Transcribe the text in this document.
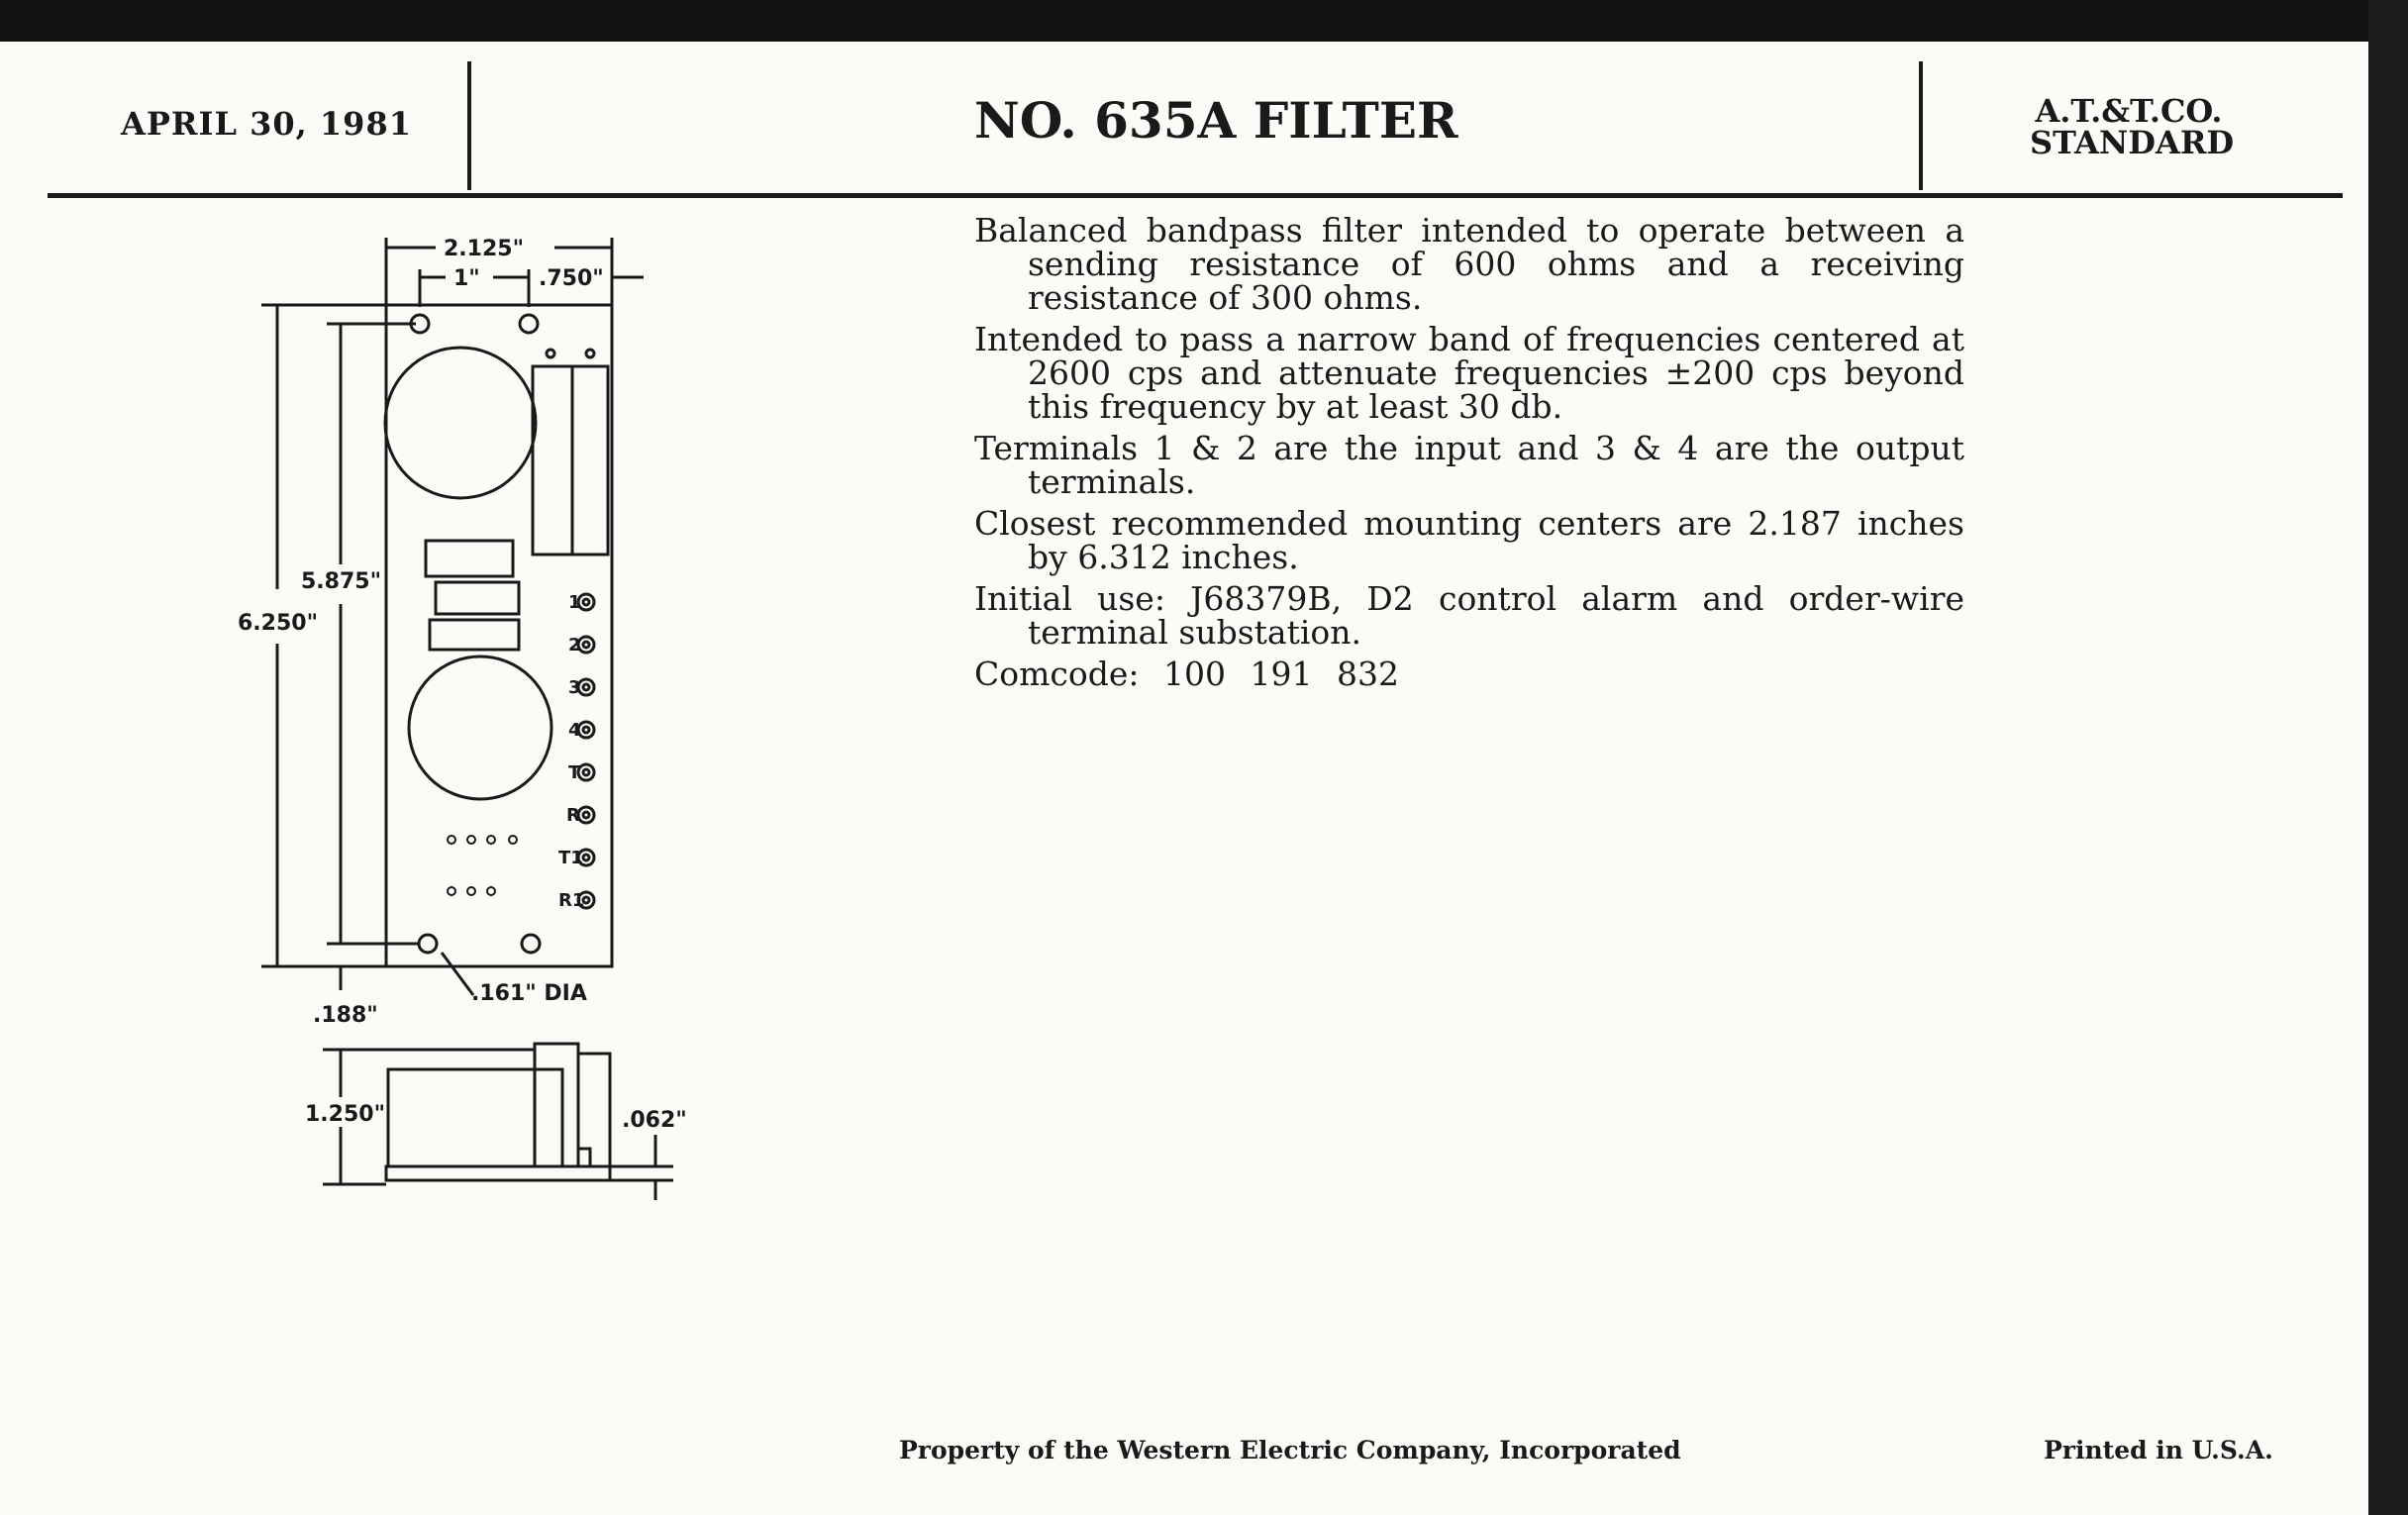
APRIL 30, 1981	NO. 635A FILTER	A.T.&T.CO.
STANDARD

Balanced bandpass filter intended to operate between a sending resistance of 600 ohms and a receiving resistance of 300 ohms.

Intended to pass a narrow band of frequencies centered at 2600 cps and attenuate frequencies ±200 cps beyond this frequency by at least 30 db.

Terminals 1 & 2 are the input and 3 & 4 are the output terminals.

Closest recommended mounting centers are 2.187 inches by 6.312 inches.

Initial use: J68379B, D2 control alarm and order-wire terminal substation.

Comcode: 100 191 832

2.125"
1"	.750"
5.875"
6.250"
.188"
.161" DIA
1.250"	.062"
1
2
3
4
T
R
T1
R1
Property of the Western Electric Company, Incorporated	Printed in U.S.A.
